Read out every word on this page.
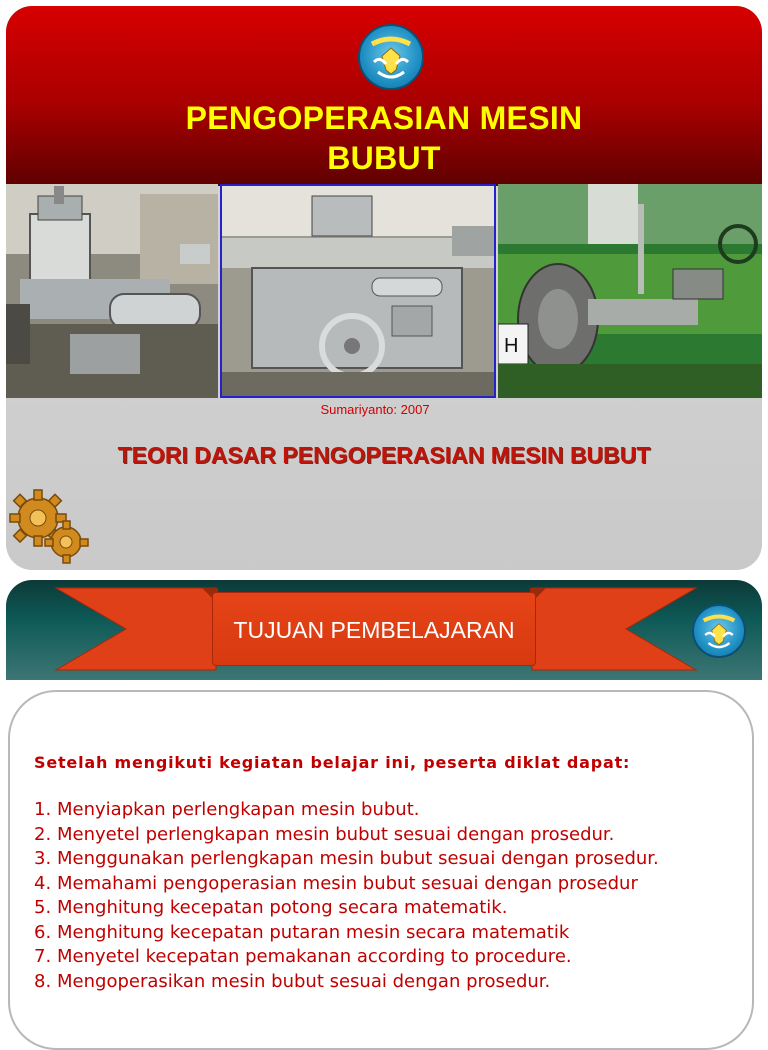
PENGOPERASIAN MESIN
BUBUT
H
Sumariyanto: 2007
TEORI DASAR PENGOPERASIAN MESIN BUBUT
TUJUAN PEMBELAJARAN
Setelah mengikuti kegiatan belajar ini, peserta diklat dapat:
1. Menyiapkan perlengkapan mesin bubut.
2. Menyetel perlengkapan mesin bubut sesuai dengan prosedur.
3. Menggunakan perlengkapan mesin bubut sesuai dengan prosedur.
4. Memahami pengoperasian mesin bubut sesuai dengan prosedur
5. Menghitung kecepatan potong secara matematik.
6. Menghitung kecepatan putaran mesin secara matematik
7. Menyetel kecepatan pemakanan according to procedure.
8. Mengoperasikan mesin bubut sesuai dengan prosedur.
